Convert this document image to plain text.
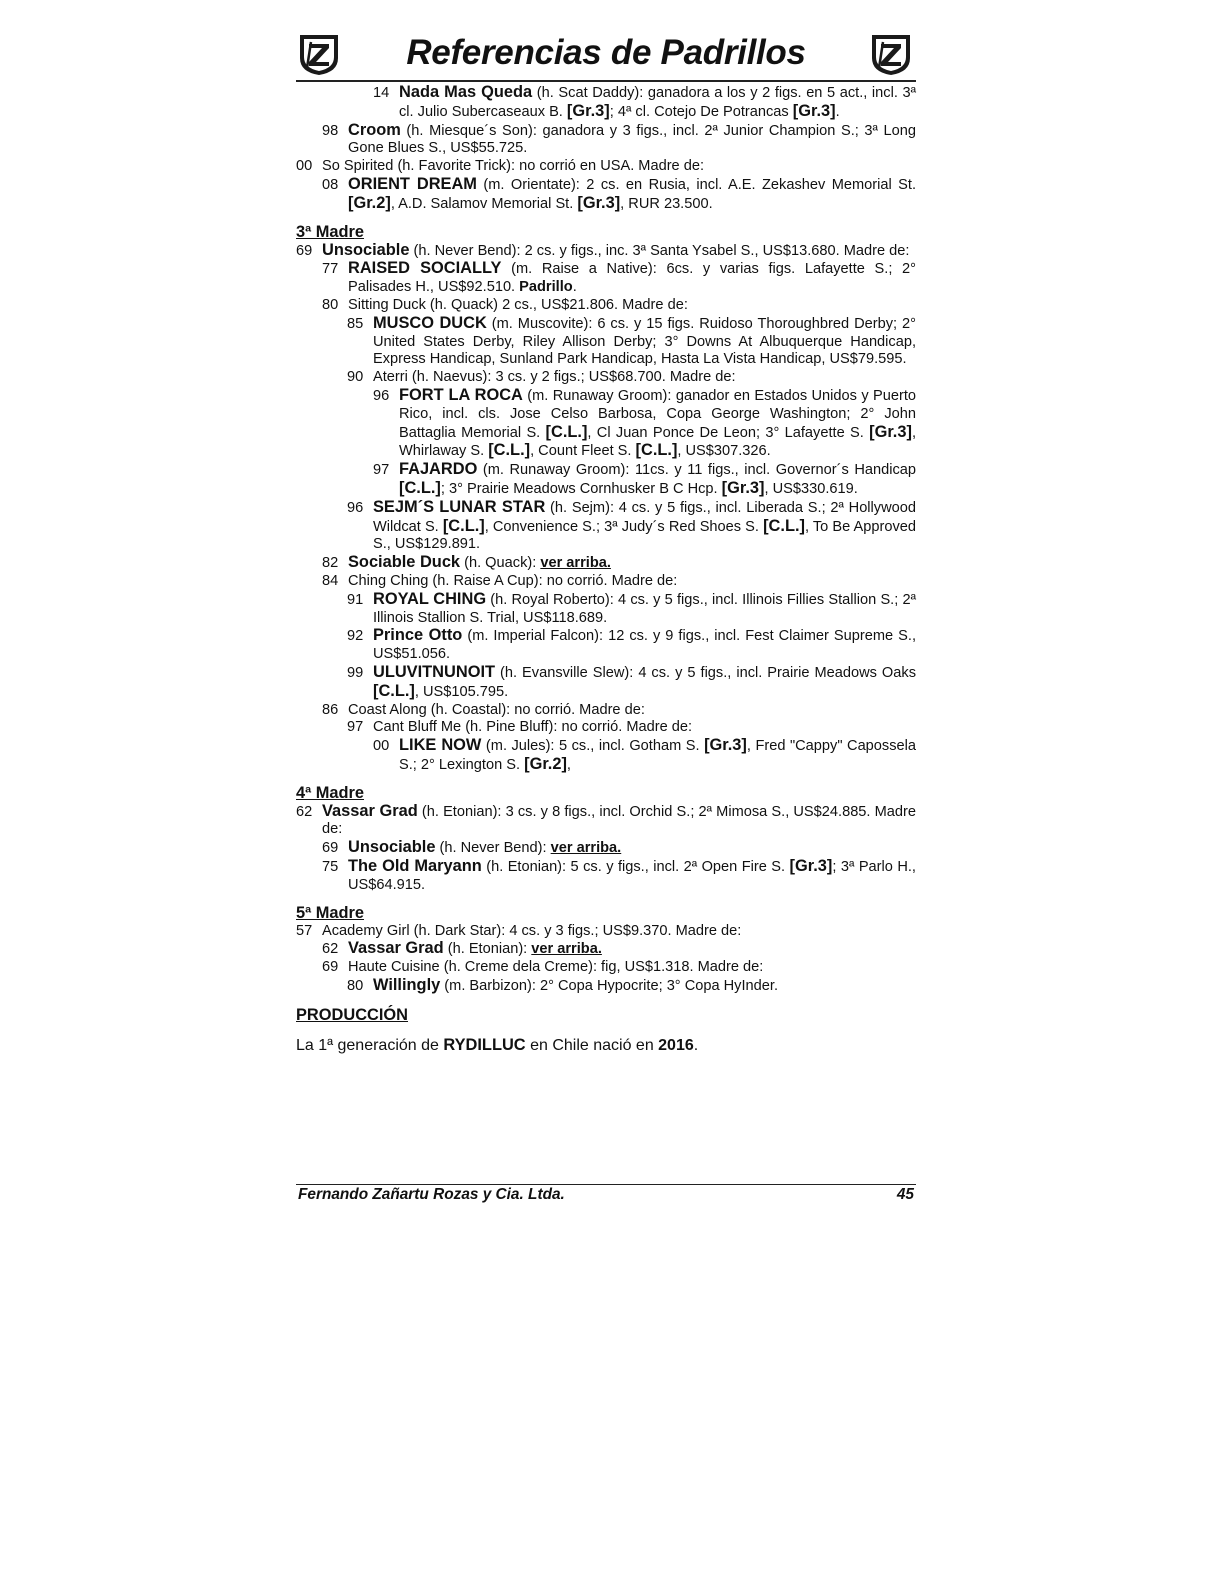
Referencias de Padrillos
14 Nada Mas Queda (h. Scat Daddy): ganadora a los y 2 figs. en 5 act., incl. 3ª cl. Julio Subercaseaux B. [Gr.3]; 4ª cl. Cotejo De Potrancas [Gr.3].
98 Croom (h. Miesque´s Son): ganadora y 3 figs., incl. 2ª Junior Champion S.; 3ª Long Gone Blues S., US$55.725.
00 So Spirited (h. Favorite Trick): no corrió en USA. Madre de:
08 ORIENT DREAM (m. Orientate): 2 cs. en Rusia, incl. A.E. Zekashev Memorial St. [Gr.2], A.D. Salamov Memorial St. [Gr.3], RUR 23.500.
3ª Madre
69 Unsociable (h. Never Bend): 2 cs. y figs., inc. 3ª Santa Ysabel S., US$13.680. Madre de:
77 RAISED SOCIALLY (m. Raise a Native): 6cs. y varias figs. Lafayette S.; 2° Palisades H., US$92.510. Padrillo.
80 Sitting Duck (h. Quack) 2 cs., US$21.806. Madre de:
85 MUSCO DUCK (m. Muscovite): 6 cs. y 15 figs. Ruidoso Thoroughbred Derby; 2° United States Derby, Riley Allison Derby; 3° Downs At Albuquerque Handicap, Express Handicap, Sunland Park Handicap, Hasta La Vista Handicap, US$79.595.
90 Aterri (h. Naevus): 3 cs. y 2 figs.; US$68.700. Madre de:
96 FORT LA ROCA (m. Runaway Groom): ganador en Estados Unidos y Puerto Rico, incl. cls. Jose Celso Barbosa, Copa George Washington; 2° John Battaglia Memorial S. [C.L.], Cl Juan Ponce De Leon; 3° Lafayette S. [Gr.3], Whirlaway S. [C.L.], Count Fleet S. [C.L.], US$307.326.
97 FAJARDO (m. Runaway Groom): 11cs. y 11 figs., incl. Governor´s Handicap [C.L.]; 3° Prairie Meadows Cornhusker B C Hcp. [Gr.3], US$330.619.
96 SEJM´S LUNAR STAR (h. Sejm): 4 cs. y 5 figs., incl. Liberada S.; 2ª Hollywood Wildcat S. [C.L.], Convenience S.; 3ª Judy´s Red Shoes S. [C.L.], To Be Approved S., US$129.891.
82 Sociable Duck (h. Quack): ver arriba.
84 Ching Ching (h. Raise A Cup): no corrió. Madre de:
91 ROYAL CHING (h. Royal Roberto): 4 cs. y 5 figs., incl. Illinois Fillies Stallion S.; 2ª Illinois Stallion S. Trial, US$118.689.
92 Prince Otto (m. Imperial Falcon): 12 cs. y 9 figs., incl. Fest Claimer Supreme S., US$51.056.
99 ULUVITNUNOIT (h. Evansville Slew): 4 cs. y 5 figs., incl. Prairie Meadows Oaks [C.L.], US$105.795.
86 Coast Along (h. Coastal): no corrió. Madre de:
97 Cant Bluff Me (h. Pine Bluff): no corrió. Madre de:
00 LIKE NOW (m. Jules): 5 cs., incl. Gotham S. [Gr.3], Fred "Cappy" Capossela S.; 2° Lexington S. [Gr.2],
4ª Madre
62 Vassar Grad (h. Etonian): 3 cs. y 8 figs., incl. Orchid S.; 2ª Mimosa S., US$24.885. Madre de:
69 Unsociable (h. Never Bend): ver arriba.
75 The Old Maryann (h. Etonian): 5 cs. y figs., incl. 2ª Open Fire S. [Gr.3]; 3ª Parlo H., US$64.915.
5ª Madre
57 Academy Girl (h. Dark Star): 4 cs. y 3 figs.; US$9.370. Madre de:
62 Vassar Grad (h. Etonian): ver arriba.
69 Haute Cuisine (h. Creme dela Creme): fig, US$1.318. Madre de:
80 Willingly (m. Barbizon): 2° Copa Hypocrite; 3° Copa HyInder.
PRODUCCIÓN
La 1ª generación de RYDILLUC en Chile nació en 2016.
Fernando Zañartu Rozas y Cia. Ltda.	45
